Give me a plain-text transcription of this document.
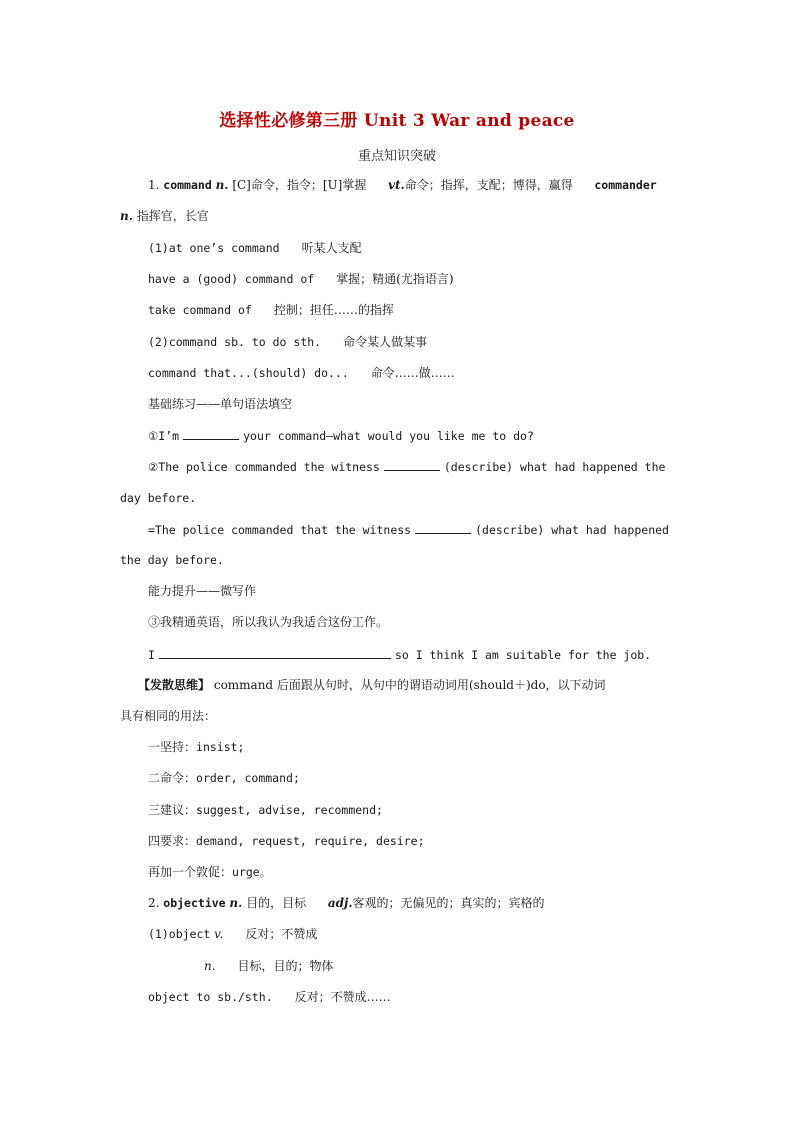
选择性必修第三册 Unit 3 War and peace
重点知识突破
1. command n. [C]命令，指令；[U]掌握 vt.命令；指挥，支配；博得，赢得 commander
n. 指挥官，长官
(1)at one’s command 听某人支配
have a (good) command of 掌握；精通(尤指语言)
take command of 控制；担任……的指挥
(2)command sb. to do sth. 命令某人做某事
command that...(should) do... 命令……做……
基础练习——单句语法填空
①I’m	your command—what would you like me to do?
②The police commanded the witness	(describe) what had happened the
day before.
=The police commanded that the witness	(describe) what had happened
the day before.
能力提升——微写作
③我精通英语，所以我认为我适合这份工作。
I	so I think I am suitable for the job.
【发散思维】 command 后面跟从句时，从句中的谓语动词用(should＋)do，以下动词
具有相同的用法：
一坚持：insist;
二命令：order, command;
三建议：suggest, advise, recommend;
四要求：demand, request, require, desire;
再加一个敦促：urge。
2. objective n. 目的，目标 adj.客观的；无偏见的；真实的；宾格的
(1)object v. 反对；不赞成
n. 目标，目的；物体
object to sb./sth. 反对；不赞成……
